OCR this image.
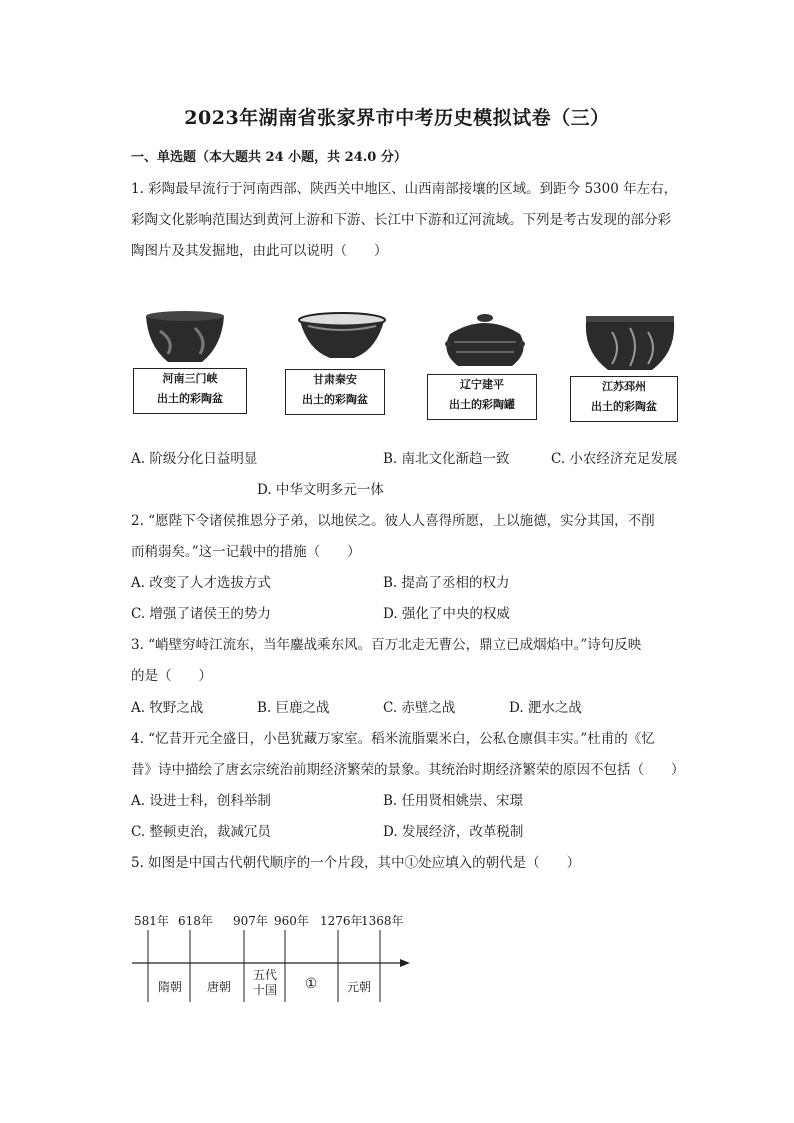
2023年湖南省张家界市中考历史模拟试卷（三）
一、单选题（本大题共 24 小题，共 24.0 分）
1. 彩陶最早流行于河南西部、陕西关中地区、山西南部接壤的区域。到距今 5300 年左右，
彩陶文化影响范围达到黄河上游和下游、长江中下游和辽河流域。下列是考古发现的部分彩
陶图片及其发掘地，由此可以说明（　　）
河南三门峡
出土的彩陶盆
甘肃秦安
出土的彩陶盆
辽宁建平
出土的彩陶罐
江苏邳州
出土的彩陶盆
A. 阶级分化日益明显	B. 南北文化渐趋一致	C. 小农经济充足发展
D. 中华文明多元一体
2. “愿陛下令诸侯推恩分子弟，以地侯之。彼人人喜得所愿，上以施德，实分其国，不削
而稍弱矣。”这一记载中的措施（　　）
A. 改变了人才选拔方式	B. 提高了丞相的权力
C. 增强了诸侯王的势力	D. 强化了中央的权威
3. “峭壁穷峙江流东，当年鏖战乘东风。百万北走无曹公，鼎立已成烟焰中。”诗句反映
的是（　　）
A. 牧野之战	B. 巨鹿之战	C. 赤壁之战	D. 淝水之战
4. “忆昔开元全盛日，小邑犹藏万家室。稻米流脂粟米白，公私仓廪俱丰实。”杜甫的《忆
昔》诗中描绘了唐玄宗统治前期经济繁荣的景象。其统治时期经济繁荣的原因不包括（　　）
A. 设进士科，创科举制	B. 任用贤相姚崇、宋璟
C. 整顿吏治，裁减冗员	D. 发展经济，改革税制
5. 如图是中国古代朝代顺序的一个片段，其中①处应填入的朝代是（　　）
581年 618年 907年 960年 1276年
1368年
隋朝	唐朝
五代
十国	①	元朝
